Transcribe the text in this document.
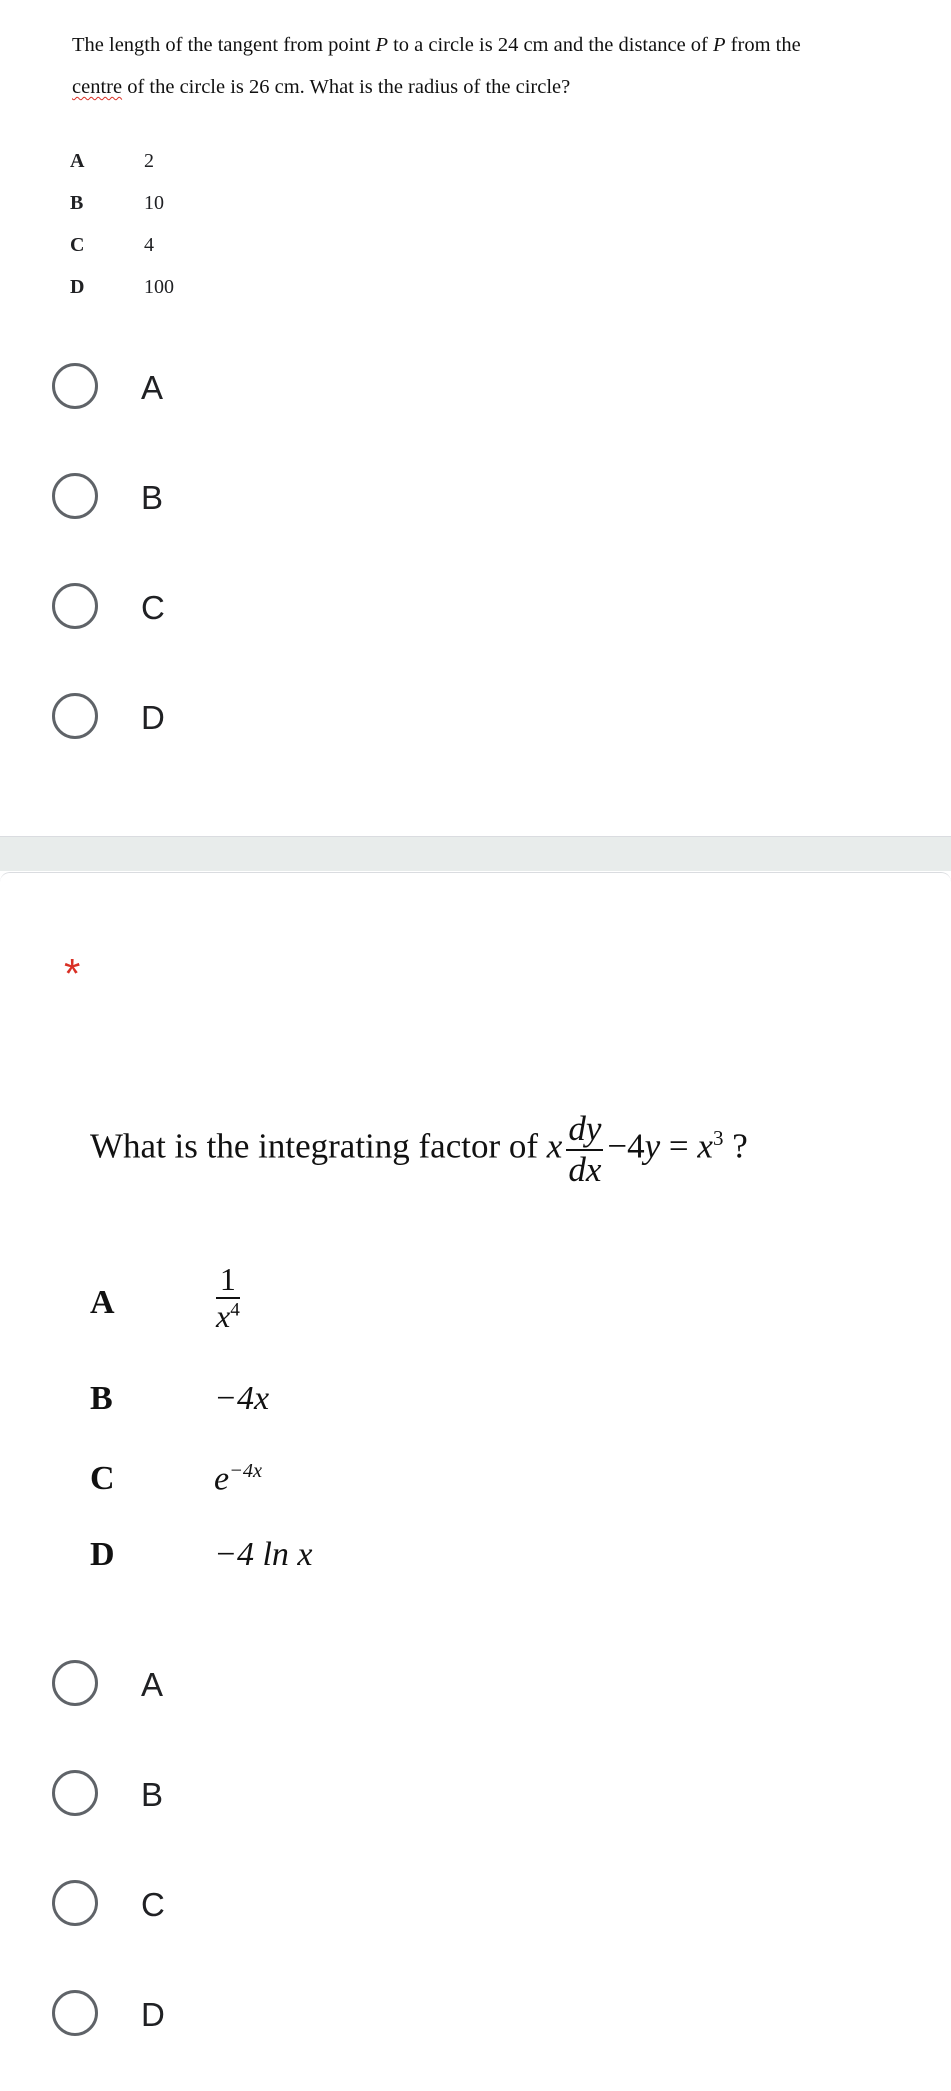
The length of the tangent from point P to a circle is 24 cm and the distance of P from the
centre of the circle is 26 cm. What is the radius of the circle?
A	2
B	10
C	4
D	100
A
B
C
D
*
What is the integrating factor of x $\frac{dy}{dx} -4y = x^3$ ?
A	$\frac{1}{x^4}$
B	−4x
C	$e^{-4x}$
D	−4 ln x
A
B
C
D
